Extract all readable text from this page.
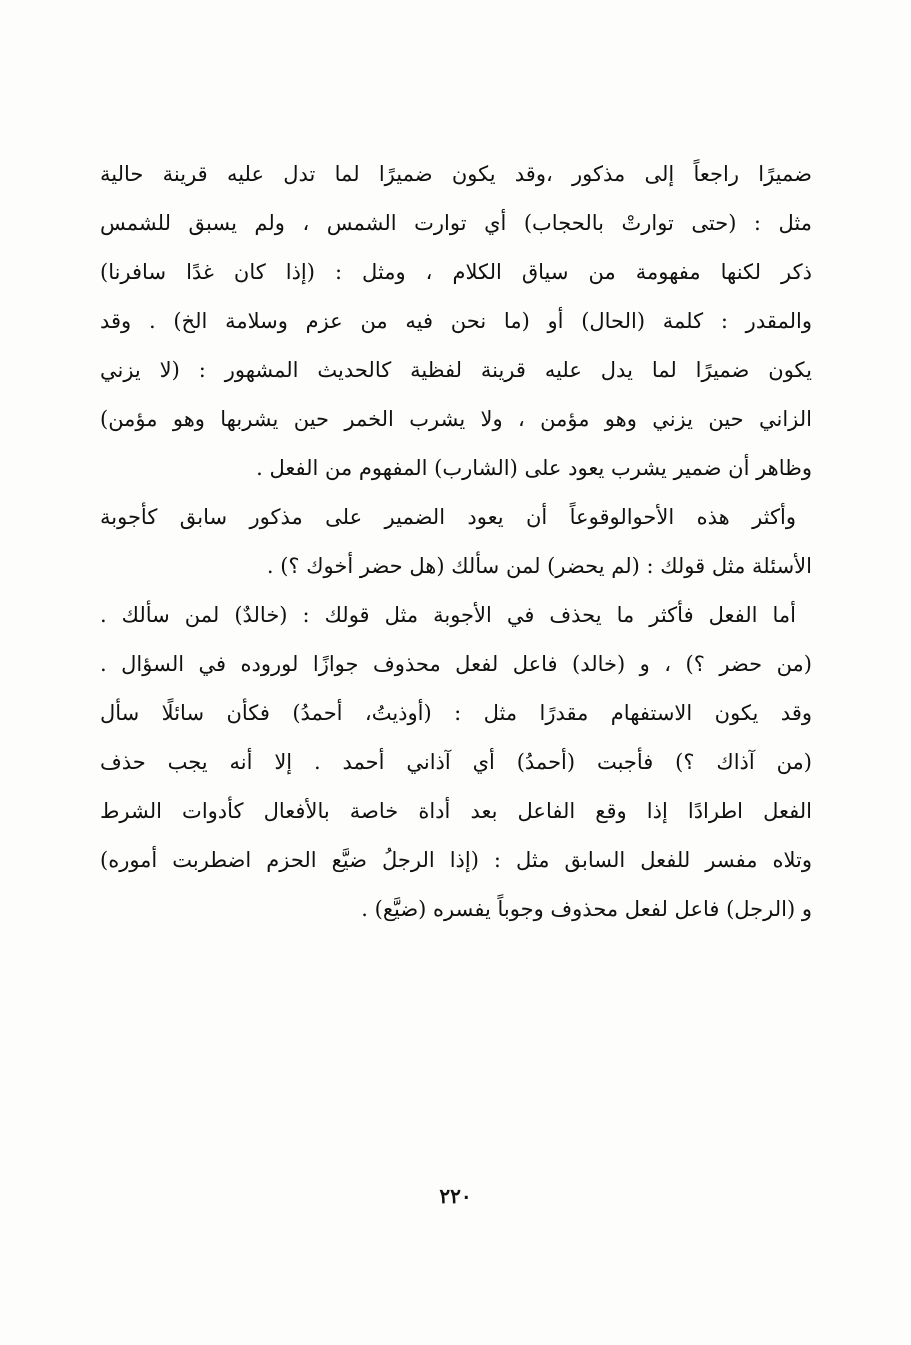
ضميرًا راجعاً إلى مذكور ،وقد يكون ضميرًا لما تدل عليه قرينة حالية
مثل : (حتى توارتْ بالحجاب) أي توارت الشمس ، ولم يسبق للشمس
ذكر لكنها مفهومة من سياق الكلام ، ومثل : (إذا كان غدًا سافرنا)
والمقدر : كلمة (الحال) أو (ما نحن فيه من عزم وسلامة الخ) . وقد
يكون ضميرًا لما يدل عليه قرينة لفظية كالحديث المشهور : (لا يزني
الزاني حين يزني وهو مؤمن ، ولا يشرب الخمر حين يشربها وهو مؤمن)
وظاهر أن ضمير يشرب يعود على (الشارب) المفهوم من الفعل .
وأكثر هذه الأحوالوقوعاً أن يعود الضمير على مذكور سابق كأجوبة
الأسئلة مثل قولك : (لم يحضر) لمن سألك (هل حضر أخوك ؟) .
أما الفعل فأكثر ما يحذف في الأجوبة مثل قولك : (خالدٌ) لمن سألك .
(من حضر ؟) ، و (خالد) فاعل لفعل محذوف جوازًا لوروده في السؤال .
وقد يكون الاستفهام مقدرًا مثل : (أوذيتُ، أحمدُ) فكأن سائلًا سأل
(من آذاك ؟) فأجبت (أحمدُ) أي آذاني أحمد . إلا أنه يجب حذف
الفعل اطرادًا إذا وقع الفاعل بعد أداة خاصة بالأفعال كأدوات الشرط
وتلاه مفسر للفعل السابق مثل : (إذا الرجلُ ضيَّع الحزم اضطربت أموره)
و (الرجل) فاعل لفعل محذوف وجوباً يفسره (ضيَّع) .
٢٢٠
